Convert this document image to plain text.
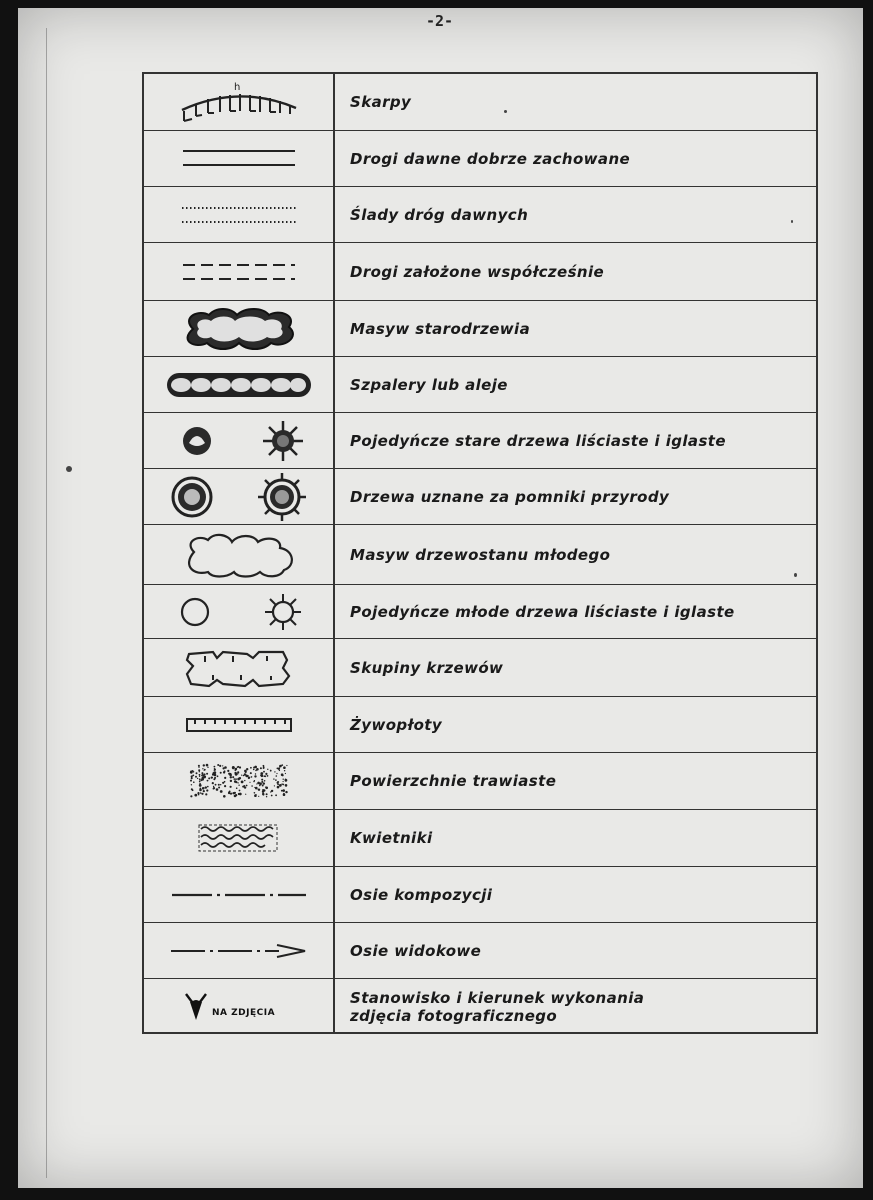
-2-
h
Skarpy
Drogi dawne dobrze zachowane
Ślady dróg dawnych
Drogi założone współcześnie
Masyw starodrzewia
Szpalery lub aleje
Pojedyńcze stare drzewa liściaste i iglaste
Drzewa uznane za pomniki przyrody
Masyw drzewostanu młodego
Pojedyńcze młode drzewa liściaste i iglaste
Skupiny krzewów
Żywopłoty
Powierzchnie trawiaste
Kwietniki
Osie kompozycji
Osie widokowe
NA ZDJĘCIA
Stanowisko i kierunek wykonania
zdjęcia fotograficznego
